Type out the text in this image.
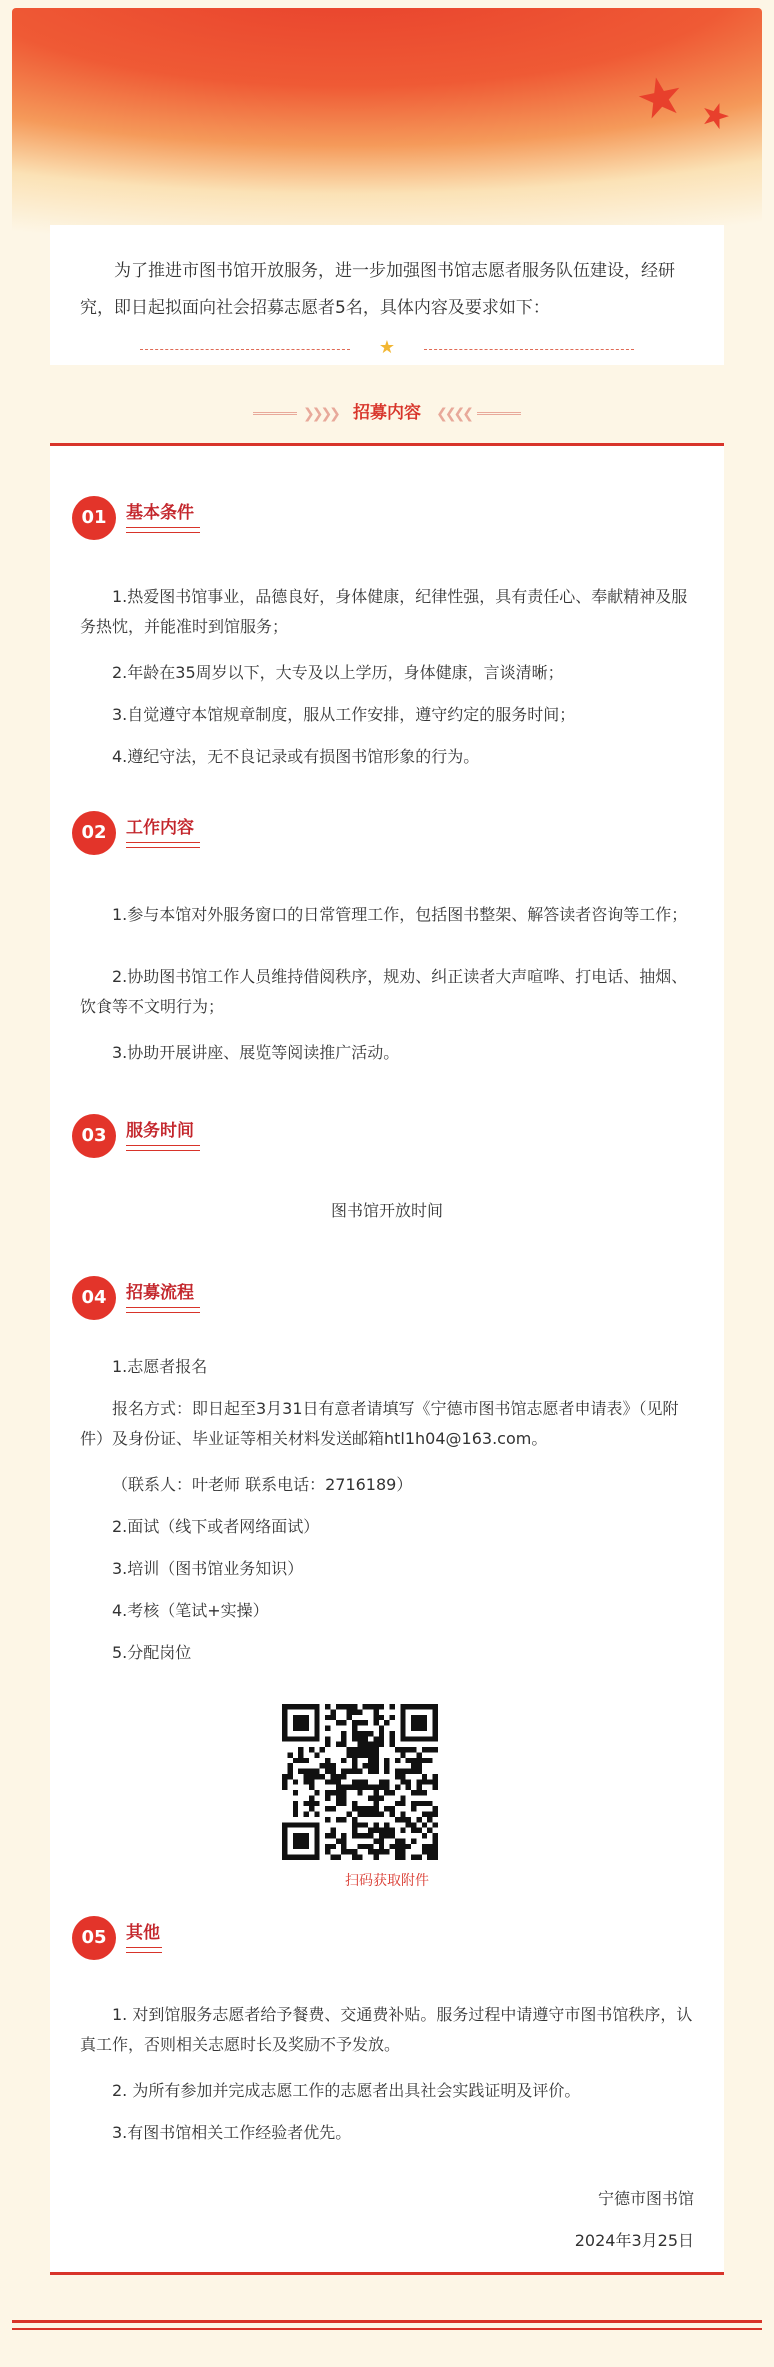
★ ★

为了推进市图书馆开放服务，进一步加强图书馆志愿者服务队伍建设，经研究，即日起拟面向社会招募志愿者5名，具体内容及要求如下：

★
❯❯❯❯ 招募内容 ❮❮❮❮
01	基本条件

1.热爱图书馆事业，品德良好，身体健康，纪律性强，具有责任心、奉献精神及服务热忱，并能准时到馆服务；

2.年龄在35周岁以下，大专及以上学历，身体健康，言谈清晰；

3.自觉遵守本馆规章制度，服从工作安排，遵守约定的服务时间；

4.遵纪守法，无不良记录或有损图书馆形象的行为。

02	工作内容

1.参与本馆对外服务窗口的日常管理工作，包括图书整架、解答读者咨询等工作；

2.协助图书馆工作人员维持借阅秩序，规劝、纠正读者大声喧哗、打电话、抽烟、饮食等不文明行为；

3.协助开展讲座、展览等阅读推广活动。

03	服务时间

图书馆开放时间

04	招募流程

1.志愿者报名

报名方式：即日起至3月31日有意者请填写《宁德市图书馆志愿者申请表》（见附件）及身份证、毕业证等相关材料发送邮箱htl1h04@163.com。

（联系人：叶老师 联系电话：2716189）

2.面试（线下或者网络面试）

3.培训（图书馆业务知识）

4.考核（笔试+实操）

5.分配岗位

扫码获取附件
05	其他

1. 对到馆服务志愿者给予餐费、交通费补贴。服务过程中请遵守市图书馆秩序，认真工作，否则相关志愿时长及奖励不予发放。

2. 为所有参加并完成志愿工作的志愿者出具社会实践证明及评价。

3.有图书馆相关工作经验者优先。

宁德市图书馆
2024年3月25日
